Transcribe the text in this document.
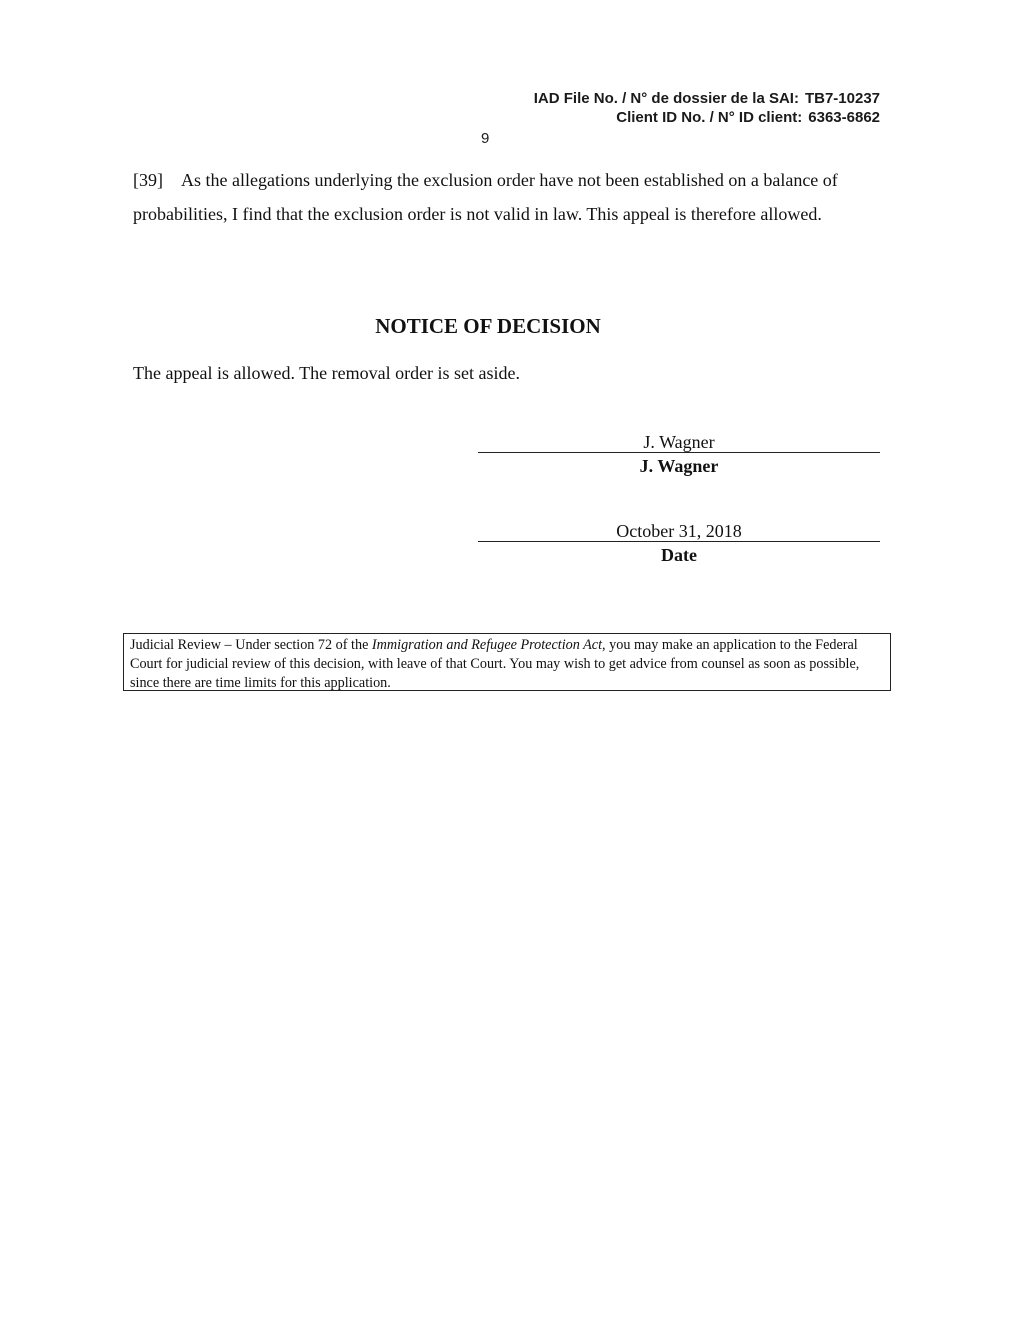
IAD File No. / N° de dossier de la SAI: TB7-10237
Client ID No. / N° ID client: 6363-6862
9
[39] As the allegations underlying the exclusion order have not been established on a balance of probabilities, I find that the exclusion order is not valid in law. This appeal is therefore allowed.
NOTICE OF DECISION
The appeal is allowed. The removal order is set aside.
J. Wagner
J. Wagner
October 31, 2018
Date
Judicial Review – Under section 72 of the Immigration and Refugee Protection Act, you may make an application to the Federal Court for judicial review of this decision, with leave of that Court. You may wish to get advice from counsel as soon as possible, since there are time limits for this application.
